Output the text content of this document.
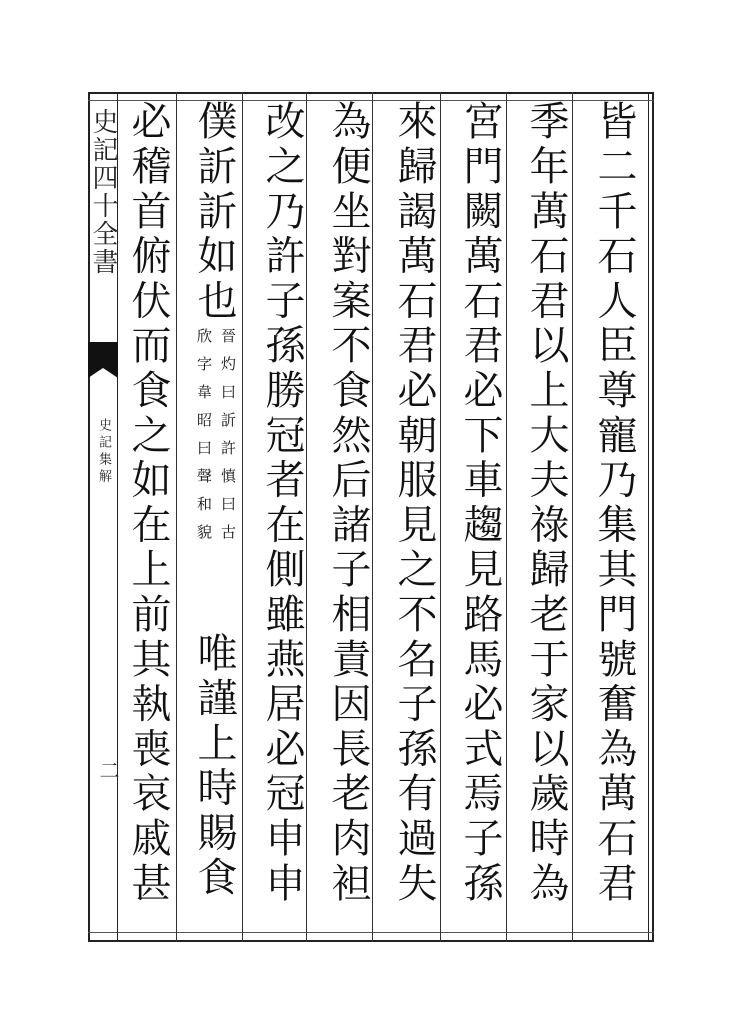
史記四十全書
史記集解
二
皆二千石人臣尊寵乃集其門號奮為萬石君
季年萬石君以上大夫祿歸老于家以歲時為
宮門闕萬石君必下車趨見路馬必式焉子孫
來歸謁萬石君必朝服見之不名子孫有過失
為便坐對案不食然后諸子相責因長老肉袒
改之乃許子孫勝冠者在側雖燕居必冠申申
僕訢訢如也
晉灼曰訢許慎曰古
欣字韋昭曰聲和貌
唯謹上時賜食
必稽首俯伏而食之如在上前其執喪哀戚甚
